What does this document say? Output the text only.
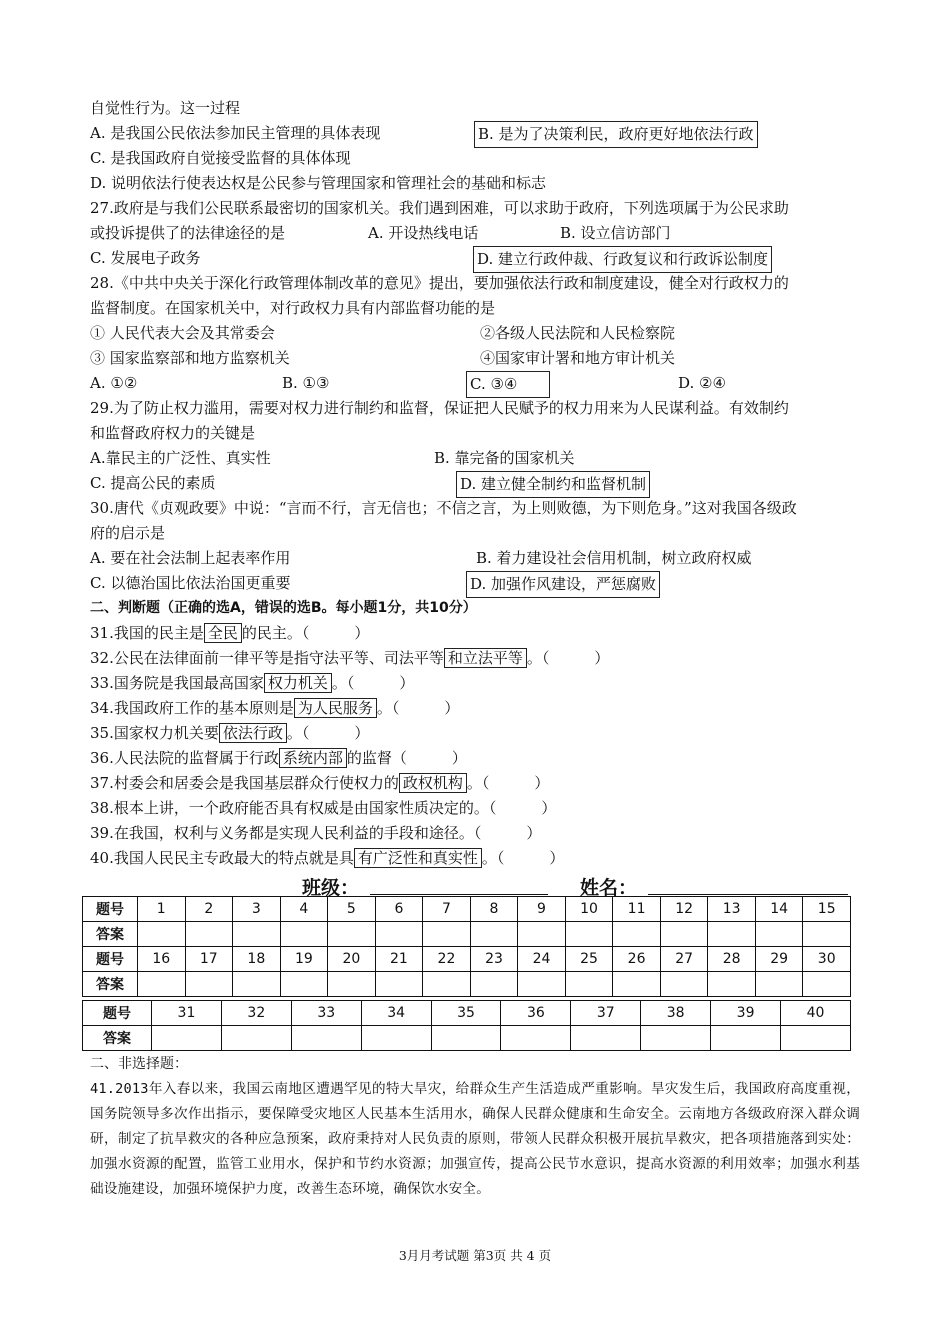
自觉性行为。这一过程
A. 是我国公民依法参加民主管理的具体表现	B. 是为了决策利民，政府更好地依法行政
C. 是我国政府自觉接受监督的具体体现
D. 说明依法行使表达权是公民参与管理国家和管理社会的基础和标志
27.政府是与我们公民联系最密切的国家机关。我们遇到困难，可以求助于政府，下列选项属于为公民求助
或投诉提供了的法律途径的是	A. 开设热线电话	B. 设立信访部门
C. 发展电子政务	D. 建立行政仲裁、行政复议和行政诉讼制度
28.《中共中央关于深化行政管理体制改革的意见》提出，要加强依法行政和制度建设，健全对行政权力的
监督制度。在国家机关中，对行政权力具有内部监督功能的是
① 人民代表大会及其常委会	②各级人民法院和人民检察院
③ 国家监察部和地方监察机关	④国家审计署和地方审计机关
A. ①②	B. ①③	C. ③④	D. ②④
29.为了防止权力滥用，需要对权力进行制约和监督，保证把人民赋予的权力用来为人民谋利益。有效制约
和监督政府权力的关键是
A.靠民主的广泛性、真实性	B. 靠完备的国家机关
C. 提高公民的素质	D. 建立健全制约和监督机制
30.唐代《贞观政要》中说：“言而不行，言无信也；不信之言，为上则败德，为下则危身。”这对我国各级政
府的启示是
A. 要在社会法制上起表率作用	B. 着力建设社会信用机制，树立政府权威
C. 以德治国比依法治国更重要	D. 加强作风建设，严惩腐败
二、判断题（正确的选A，错误的选B。每小题1分，共10分）
31.我国的民主是 全民 的民主。（　　　）
32.公民在法律面前一律平等是指守法平等、司法平等 和立法平等 。（　　　）
33.国务院是我国最高国家 权力机关 。（　　　）
34.我国政府工作的基本原则是 为人民服务 。（　　　）
35.国家权力机关要 依法行政 。（　　　）
36.人民法院的监督属于行政 系统内部 的监督（　　　）
37.村委会和居委会是我国基层群众行使权力的 政权机构 。（　　　）
38.根本上讲，一个政府能否具有权威是由国家性质决定的。（　　　）
39.在我国，权利与义务都是实现人民利益的手段和途径。（　　　）
40.我国人民民主专政最大的特点就是具 有广泛性和真实性 。（　　　）
班级：	姓名：
题号	1	2	3	4	5	6	7	8	9	10	11	12	13	14	15
答案															
题号	16	17	18	19	20	21	22	23	24	25	26	27	28	29	30
答案															
题号	31	32	33	34	35	36	37	38	39	40
答案										
二、非选择题：
41.2013年入春以来，我国云南地区遭遇罕见的特大旱灾，给群众生产生活造成严重影响。旱灾发生后，我国政府高度重视，国务院领导多次作出指示，要保障受灾地区人民基本生活用水，确保人民群众健康和生命安全。云南地方各级政府深入群众调研，制定了抗旱救灾的各种应急预案，政府秉持对人民负责的原则，带领人民群众积极开展抗旱救灾，把各项措施落到实处：加强水资源的配置，监管工业用水，保护和节约水资源；加强宣传，提高公民节水意识，提高水资源的利用效率；加强水利基础设施建设，加强环境保护力度，改善生态环境，确保饮水安全。
3月月考试题 第3页 共 4 页
